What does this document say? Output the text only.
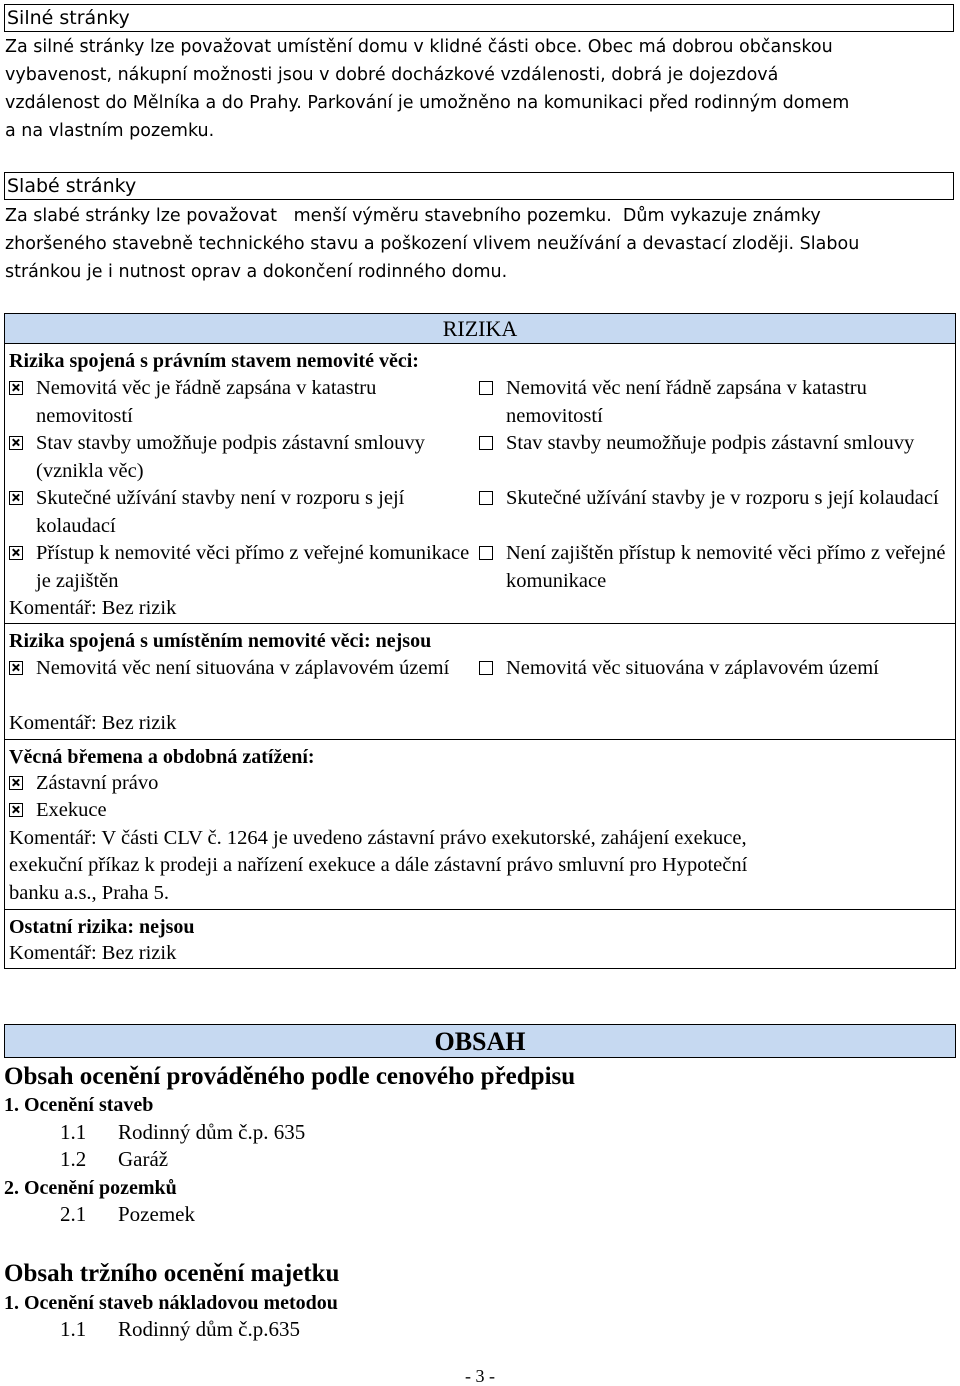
Silné stránky
Za silné stránky lze považovat umístění domu v klidné části obce. Obec má dobrou občanskou
vybavenost, nákupní možnosti jsou v dobré docházkové vzdálenosti, dobrá je dojezdová
vzdálenost do Mělníka a do Prahy. Parkování je umožněno na komunikaci před rodinným domem
a na vlastním pozemku.
Slabé stránky
Za slabé stránky lze považovat   menší výměru stavebního pozemku.  Dům vykazuje známky
zhoršeného stavebně technického stavu a poškození vlivem neužívání a devastací zloději. Slabou
stránkou je i nutnost oprav a dokončení rodinného domu.
RIZIKA
Rizika spojená s právním stavem nemovité věci:
Nemovitá věc je řádně zapsána v katastru nemovitostí
Nemovitá věc není řádně zapsána v katastru nemovitostí
Stav stavby umožňuje podpis zástavní smlouvy (vznikla věc)
Stav stavby neumožňuje podpis zástavní smlouvy
Skutečné užívání stavby není v rozporu s její kolaudací
Skutečné užívání stavby je v rozporu s její kolaudací
Přístup k nemovité věci přímo z veřejné komunikace je zajištěn
Není zajištěn přístup k nemovité věci přímo z veřejné komunikace
Komentář: Bez rizik
Rizika spojená s umístěním nemovité věci: nejsou
Nemovitá věc není situována v záplavovém území	Nemovitá věc situována v záplavovém území
Komentář: Bez rizik
Věcná břemena a obdobná zatížení:
Zástavní právo
Exekuce
Komentář: V části CLV č. 1264 je uvedeno zástavní právo exekutorské, zahájení exekuce,
exekuční příkaz k prodeji a nařízení exekuce a dále zástavní právo smluvní pro Hypoteční
banku a.s., Praha 5.
Ostatní rizika: nejsou
Komentář: Bez rizik
OBSAH
Obsah ocenění prováděného podle cenového předpisu
1. Ocenění staveb
1.1 Rodinný dům č.p. 635
1.2 Garáž
2. Ocenění pozemků
2.1 Pozemek
Obsah tržního ocenění majetku
1. Ocenění staveb nákladovou metodou
1.1 Rodinný dům č.p.635
- 3 -
